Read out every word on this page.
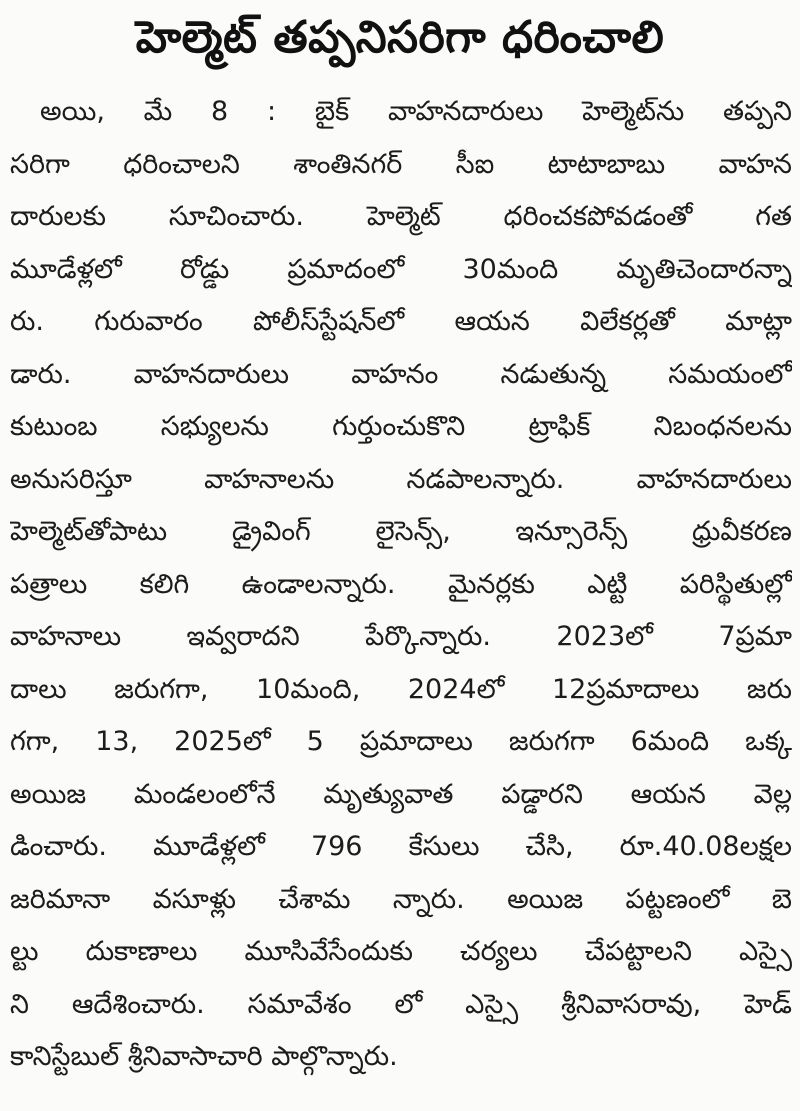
హెల్మెట్ తప్పనిసరిగా ధరించాలి
అయి, మే 8 : బైక్ వాహనదారులు హెల్మెట్‌ను తప్పని
సరిగా ధరించాలని శాంతినగర్ సీఐ టాటాబాబు వాహన
దారులకు సూచించారు. హెల్మెట్ ధరించకపోవడంతో గత
మూడేళ్లలో రోడ్డు ప్రమాదంలో 30మంది మృతిచెందారన్నా
రు. గురువారం పోలీస్‌స్టేషన్‌లో ఆయన విలేకర్లతో మాట్లా
డారు. వాహనదారులు వాహనం నడుతున్న సమయంలో
కుటుంబ సభ్యులను గుర్తుంచుకొని ట్రాఫిక్ నిబంధనలను
అనుసరిస్తూ వాహనాలను నడపాలన్నారు. వాహనదారులు
హెల్మెట్‌తోపాటు డ్రైవింగ్ లైసెన్స్, ఇన్సూరెన్స్ ధ్రువీకరణ
పత్రాలు కలిగి ఉండాలన్నారు. మైనర్లకు ఎట్టి పరిస్థితుల్లో
వాహనాలు ఇవ్వరాదని పేర్కొన్నారు. 2023లో 7ప్రమా
దాలు జరుగగా, 10మంది, 2024లో 12ప్రమాదాలు జరు
గగా, 13, 2025లో 5 ప్రమాదాలు జరుగగా 6మంది ఒక్క
అయిజ మండలంలోనే మృత్యువాత పడ్డారని ఆయన వెల్ల
డించారు. మూడేళ్లలో 796 కేసులు చేసి, రూ.40.08లక్షల
జరిమానా వసూళ్లు చేశామ న్నారు. అయిజ పట్టణంలో బె
ల్టు దుకాణాలు మూసివేసేందుకు చర్యలు చేపట్టాలని ఎస్సై
ని ఆదేశించారు. సమావేశం లో ఎస్సై శ్రీనివాసరావు, హెడ్
కానిస్టేబుల్ శ్రీనివాసాచారి పాల్గొన్నారు.
